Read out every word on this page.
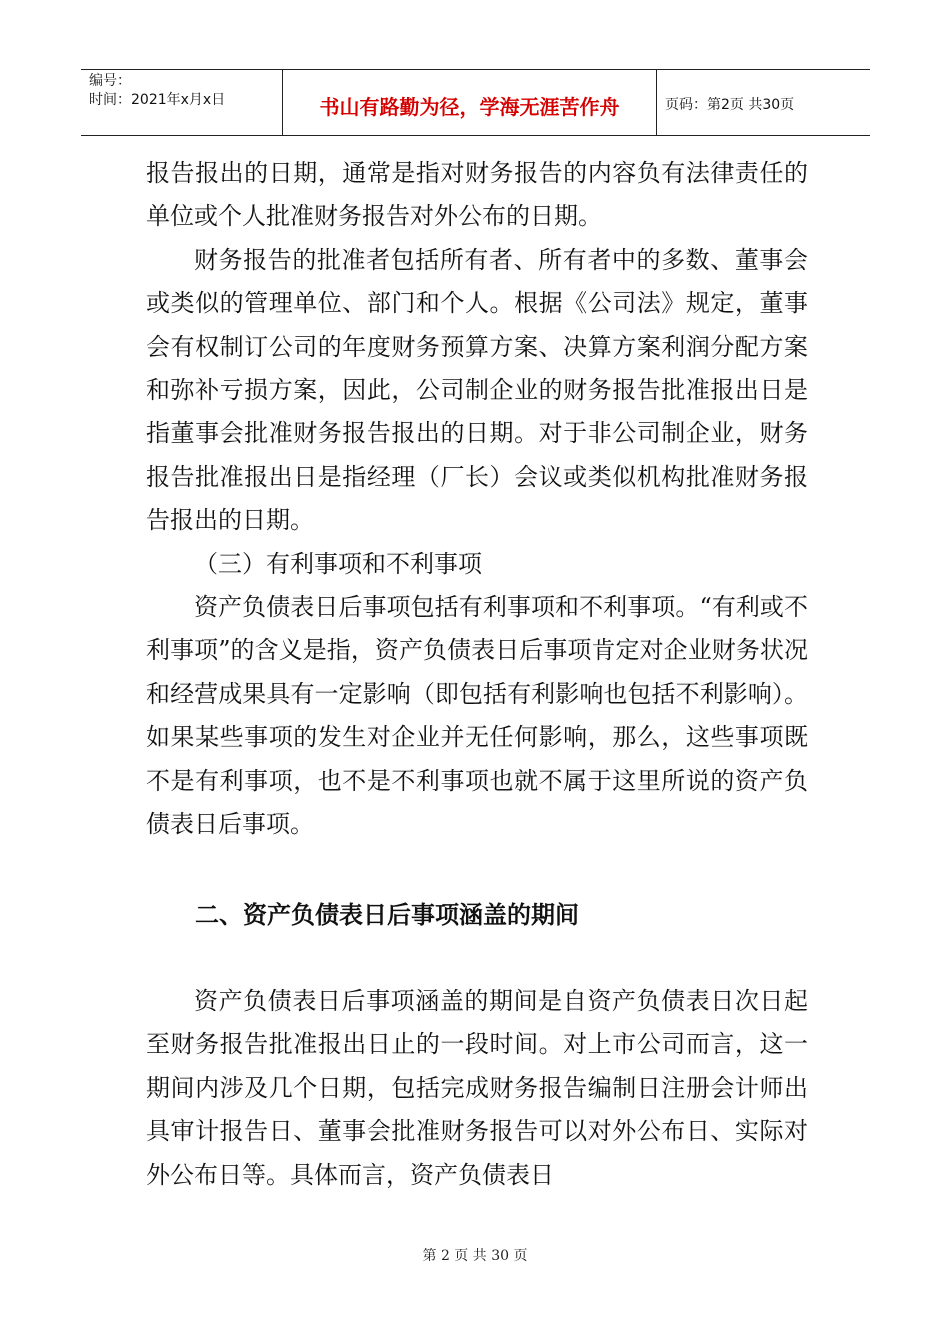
编号：
时间：2021年x月x日	书山有路勤为径，学海无涯苦作舟	页码：第2页 共30页

报告报出的日期，通常是指对财务报告的内容负有法律责任的单位或个人批准财务报告对外公布的日期。

财务报告的批准者包括所有者、所有者中的多数、董事会或类似的管理单位、部门和个人。根据《公司法》规定，董事会有权制订公司的年度财务预算方案、决算方案利润分配方案和弥补亏损方案，因此，公司制企业的财务报告批准报出日是指董事会批准财务报告报出的日期。对于非公司制企业，财务报告批准报出日是指经理（厂长）会议或类似机构批准财务报告报出的日期。

（三）有利事项和不利事项

资产负债表日后事项包括有利事项和不利事项。“有利或不利事项”的含义是指，资产负债表日后事项肯定对企业财务状况和经营成果具有一定影响（即包括有利影响也包括不利影响）。如果某些事项的发生对企业并无任何影响，那么，这些事项既不是有利事项，也不是不利事项也就不属于这里所说的资产负债表日后事项。

二、资产负债表日后事项涵盖的期间

资产负债表日后事项涵盖的期间是自资产负债表日次日起至财务报告批准报出日止的一段时间。对上市公司而言，这一期间内涉及几个日期，包括完成财务报告编制日注册会计师出具审计报告日、董事会批准财务报告可以对外公布日、实际对外公布日等。具体而言，资产负债表日

第 2 页 共 30 页
